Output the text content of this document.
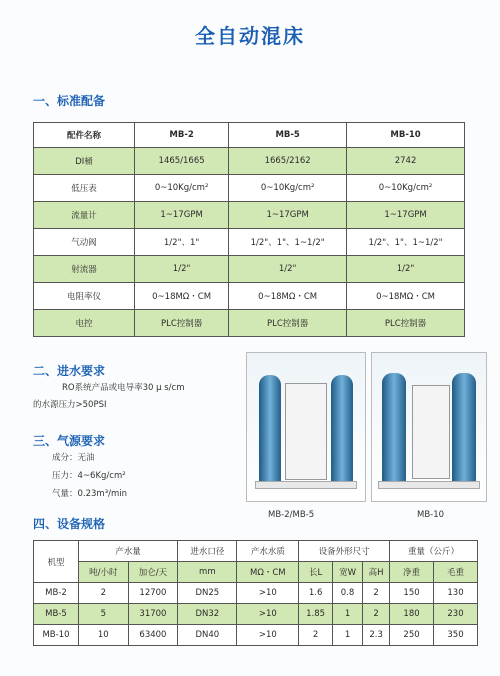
全自动混床
一、标准配备
配件名称	MB-2	MB-5	MB-10
DI桶	1465/1665	1665/2162	2742
低压表	0~10Kg/cm²	0~10Kg/cm²	0~10Kg/cm²
流量计	1~17GPM	1~17GPM	1~17GPM
气动阀	1/2"、1"	1/2"、1"、1~1/2"	1/2"、1"、1~1/2"
射流器	1/2"	1/2"	1/2"
电阻率仪	0~18MΩ・CM	0~18MΩ・CM	0~18MΩ・CM
电控	PLC控制器	PLC控制器	PLC控制器
二、进水要求
RO系统产品或电导率30 μ s/cm
的水源压力>50PSI
三、气源要求
成分：无油
压力：4~6Kg/cm²
气量：0.23m³/min
MB-2/MB-5	MB-10
四、设备规格
机型	产水量		进水口径	产水水质	设备外形尺寸			重量（公斤）	
	吨/小时	加仑/天	mm	MΩ・CM	长L	宽W	高H	净重	毛重
MB-2	2	12700	DN25	>10	1.6	0.8	2	150	130
MB-5	5	31700	DN32	>10	1.85	1	2	180	230
MB-10	10	63400	DN40	>10	2	1	2.3	250	350
